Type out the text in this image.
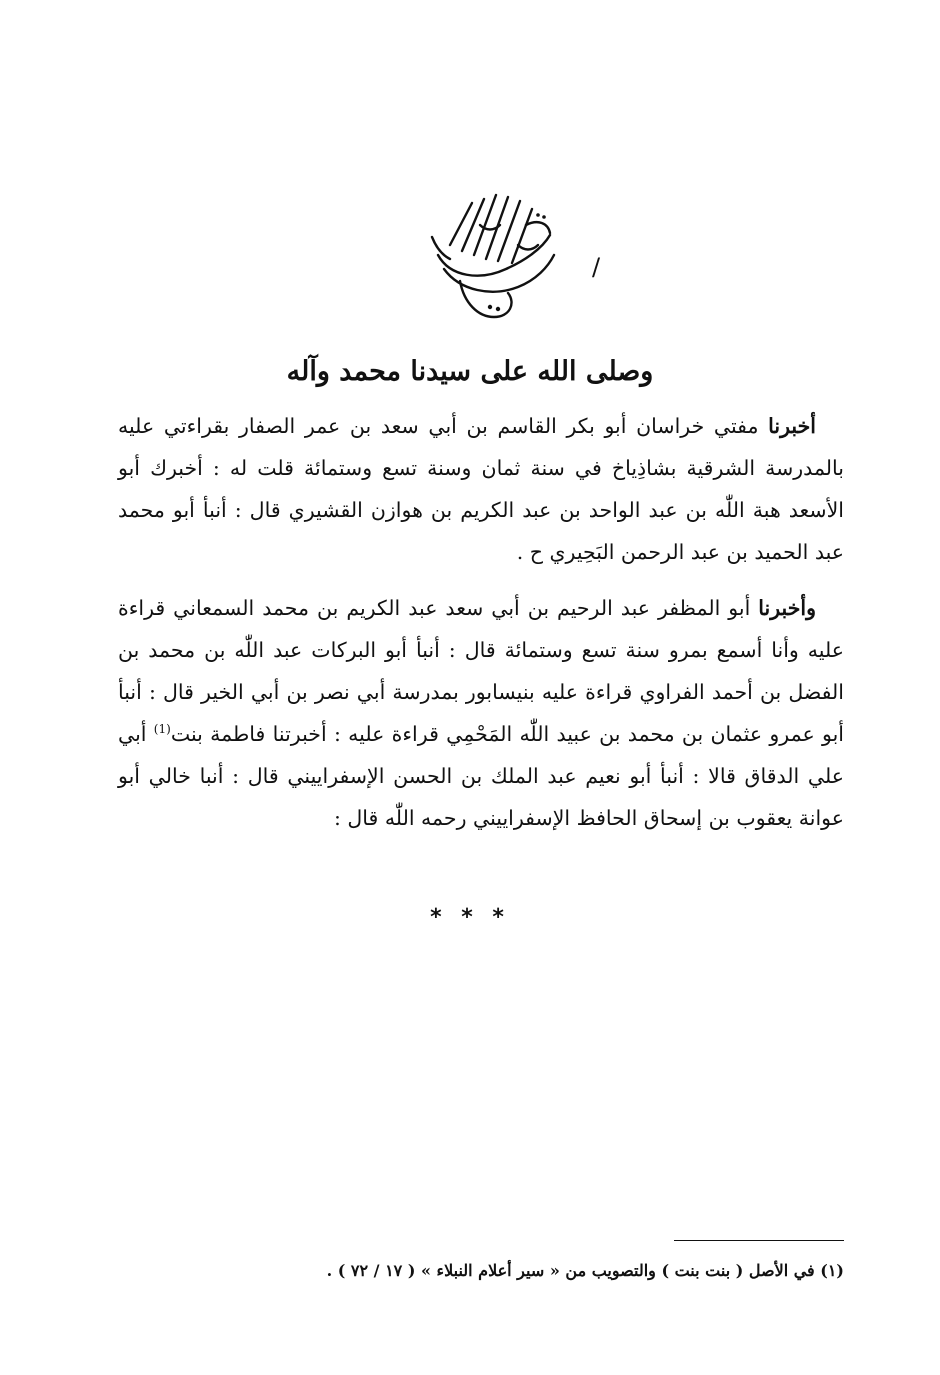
/
وصلى الله على سيدنا محمد وآله

أخبرنا مفتي خراسان أبو بكر القاسم بن أبي سعد بن عمر الصفار بقراءتي عليه بالمدرسة الشرقية بشاذِياخ في سنة ثمان وسنة تسع وستمائة قلت له : أخبرك أبو الأسعد هبة اللّٰه بن عبد الواحد بن عبد الكريم بن هوازن القشيري قال : أنبأ أبو محمد عبد الحميد بن عبد الرحمن البَحِيري ح .

وأخبرنا أبو المظفر عبد الرحيم بن أبي سعد عبد الكريم بن محمد السمعاني قراءة عليه وأنا أسمع بمرو سنة تسع وستمائة قال : أنبأ أبو البركات عبد اللّٰه بن محمد بن الفضل بن أحمد الفراوي قراءة عليه بنيسابور بمدرسة أبي نصر بن أبي الخير قال : أنبأ أبو عمرو عثمان بن محمد بن عبيد اللّٰه المَحْمِي قراءة عليه : أخبرتنا فاطمة بنت$^{(1)}$ أبي علي الدقاق قالا : أنبأ أبو نعيم عبد الملك بن الحسن الإسفراييني قال : أنبا خالي أبو عوانة يعقوب بن إسحاق الحافظ الإسفراييني رحمه اللّٰه قال :

* * *

(١) في الأصل ( بنت بنت ) والتصويب من « سير أعلام النبلاء » ( ١٧ / ٧٢ ) .
